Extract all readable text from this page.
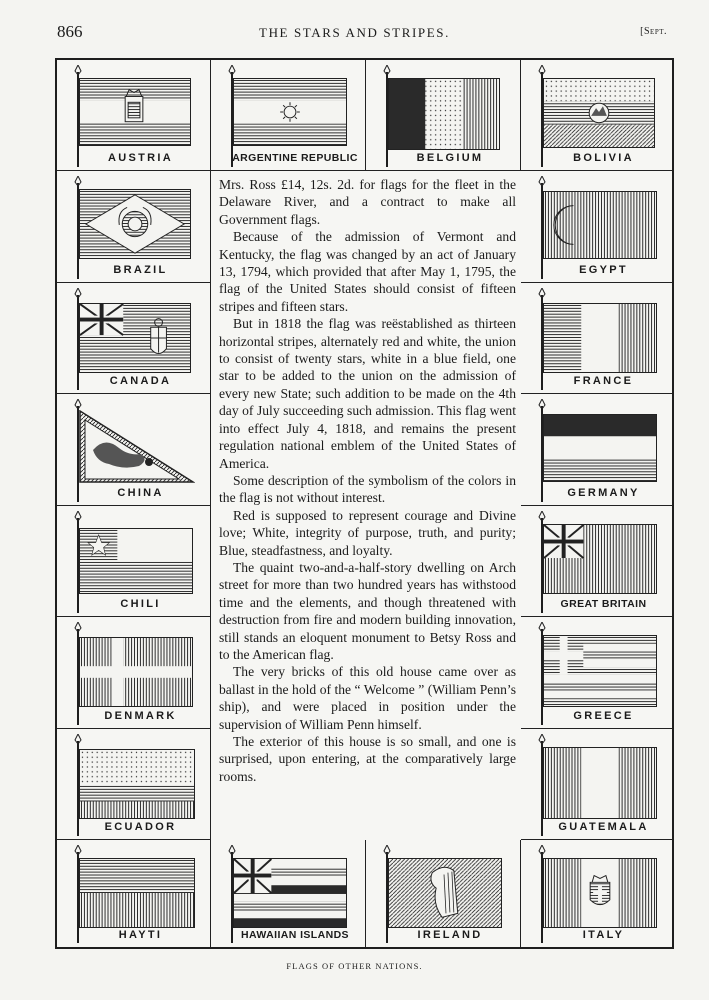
866	THE STARS AND STRIPES.	[Sept.
AUSTRIA	ARGENTINE REPUBLIC	BELGIUM	BOLIVIA
BRAZIL	EGYPT
CANADA	FRANCE
CHINA	GERMANY
CHILI	GREAT BRITAIN
DENMARK	GREECE
ECUADOR	GUATEMALA
HAYTI	HAWAIIAN ISLANDS	IRELAND	ITALY

Mrs. Ross £14, 12s. 2d. for flags for the fleet in the Delaware River, and a contract to make all Government flags.

Because of the admission of Vermont and Kentucky, the flag was changed by an act of January 13, 1794, which provided that after May 1, 1795, the flag of the United States should consist of fifteen stripes and fifteen stars.

But in 1818 the flag was reëstablished as thirteen horizontal stripes, alternately red and white, the union to consist of twenty stars, white in a blue field, one star to be added to the union on the admission of every new State; such addition to be made on the 4th day of July succeeding such admission. This flag went into effect July 4, 1818, and remains the present regulation national emblem of the United States of America.

Some description of the symbolism of the colors in the flag is not without interest.

Red is supposed to represent courage and Divine love; White, integrity of purpose, truth, and purity; Blue, steadfastness, and loyalty.

The quaint two-and-a-half-story dwelling on Arch street for more than two hundred years has withstood time and the elements, and though threatened with destruction from fire and modern building innovation, still stands an eloquent monument to Betsy Ross and to the American flag.

The very bricks of this old house came over as ballast in the hold of the “ Welcome ” (William Penn’s ship), and were placed in position under the supervision of William Penn himself.

The exterior of this house is so small, and one is surprised, upon entering, at the comparatively large rooms.

FLAGS OF OTHER NATIONS.
